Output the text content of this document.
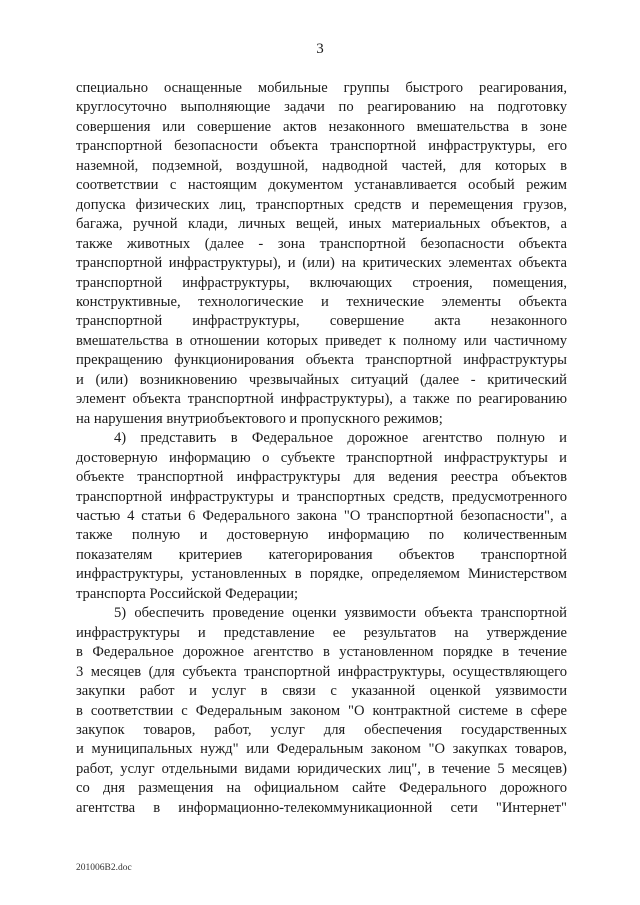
3
специально оснащенные мобильные группы быстрого реагирования,
круглосуточно выполняющие задачи по реагированию на подготовку
совершения или совершение актов незаконного вмешательства в зоне
транспортной безопасности объекта транспортной инфраструктуры, его
наземной, подземной, воздушной, надводной частей, для которых в
соответствии с настоящим документом устанавливается особый режим
допуска физических лиц, транспортных средств и перемещения грузов,
багажа, ручной клади, личных вещей, иных материальных объектов, а
также животных (далее - зона транспортной безопасности объекта
транспортной инфраструктуры), и (или) на критических элементах объекта
транспортной инфраструктуры, включающих строения, помещения,
конструктивные, технологические и технические элементы объекта
транспортной инфраструктуры, совершение акта незаконного
вмешательства в отношении которых приведет к полному или частичному
прекращению функционирования объекта транспортной инфраструктуры
и (или) возникновению чрезвычайных ситуаций (далее - критический
элемент объекта транспортной инфраструктуры), а также по реагированию
на нарушения внутриобъектового и пропускного режимов;
4) представить в Федеральное дорожное агентство полную и
достоверную информацию о субъекте транспортной инфраструктуры и
объекте транспортной инфраструктуры для ведения реестра объектов
транспортной инфраструктуры и транспортных средств, предусмотренного
частью 4 статьи 6 Федерального закона "О транспортной безопасности", а
также полную и достоверную информацию по количественным
показателям критериев категорирования объектов транспортной
инфраструктуры, установленных в порядке, определяемом Министерством
транспорта Российской Федерации;
5) обеспечить проведение оценки уязвимости объекта транспортной
инфраструктуры и представление ее результатов на утверждение
в Федеральное дорожное агентство в установленном порядке в течение
3 месяцев (для субъекта транспортной инфраструктуры, осуществляющего
закупки работ и услуг в связи с указанной оценкой уязвимости
в соответствии с Федеральным законом "О контрактной системе в сфере
закупок товаров, работ, услуг для обеспечения государственных
и муниципальных нужд" или Федеральным законом "О закупках товаров,
работ, услуг отдельными видами юридических лиц", в течение 5 месяцев)
со дня размещения на официальном сайте Федерального дорожного
агентства в информационно-телекоммуникационной сети "Интернет"
201006B2.doc
